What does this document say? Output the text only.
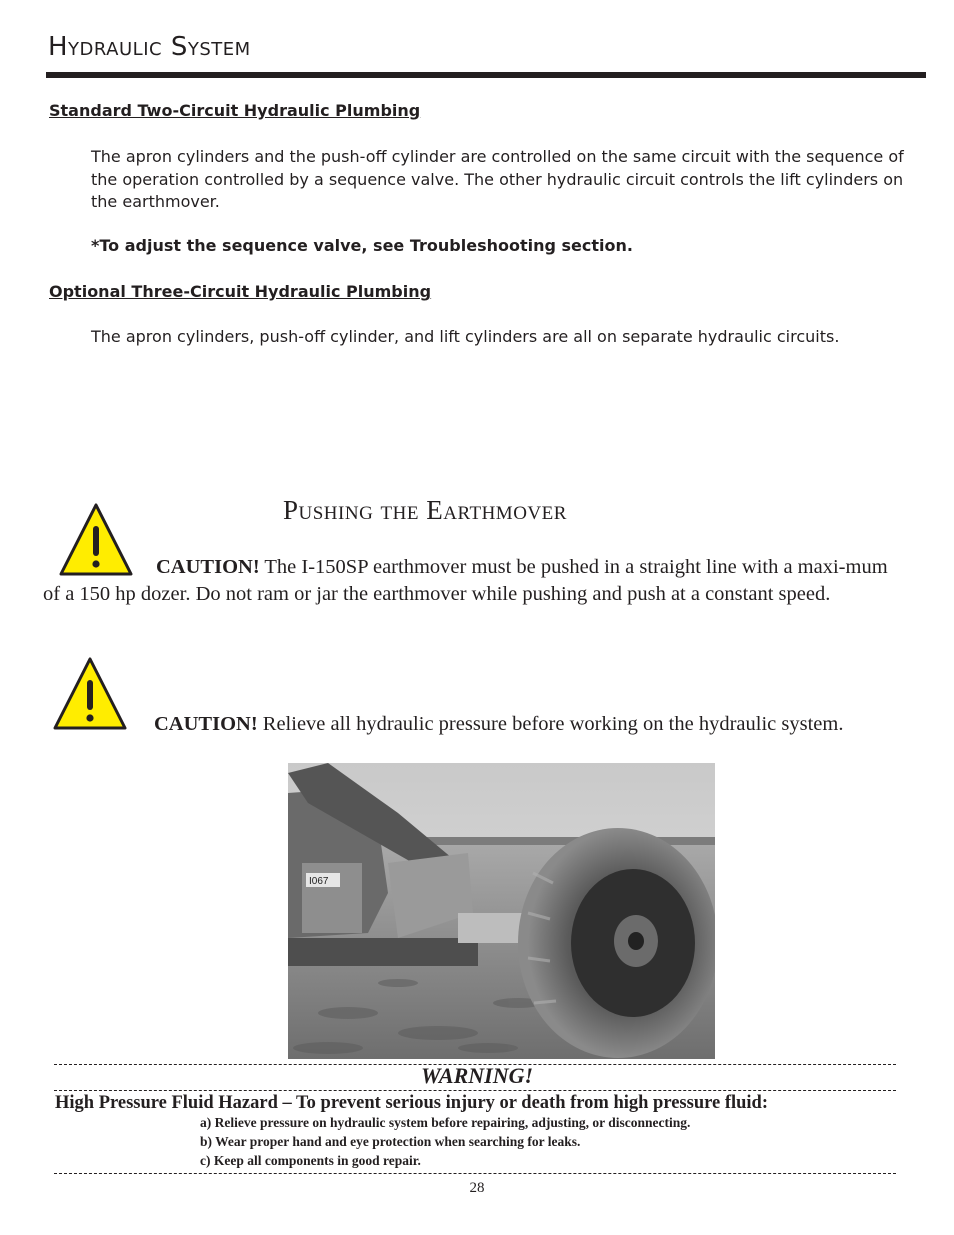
Hydraulic System
Standard Two-Circuit Hydraulic Plumbing
The apron cylinders and the push-off cylinder are controlled on the same circuit with the sequence of the operation controlled by a sequence valve. The other hydraulic circuit controls the lift cylinders on the earthmover.
*To adjust the sequence valve, see Troubleshooting section.
Optional Three-Circuit Hydraulic Plumbing
The apron cylinders, push-off cylinder, and lift cylinders are all on separate hydraulic circuits.
Pushing the Earthmover
CAUTION! The I-150SP earthmover must be pushed in a straight line with a maxi-mum of a 150 hp dozer. Do not ram or jar the earthmover while pushing and push at a constant speed.
CAUTION! Relieve all hydraulic pressure before working on the hydraulic system.
I067
WARNING!
High Pressure Fluid Hazard – To prevent serious injury or death from high pressure fluid:
a) Relieve pressure on hydraulic system before repairing, adjusting, or disconnecting.
b) Wear proper hand and eye protection when searching for leaks.
c) Keep all components in good repair.
28
